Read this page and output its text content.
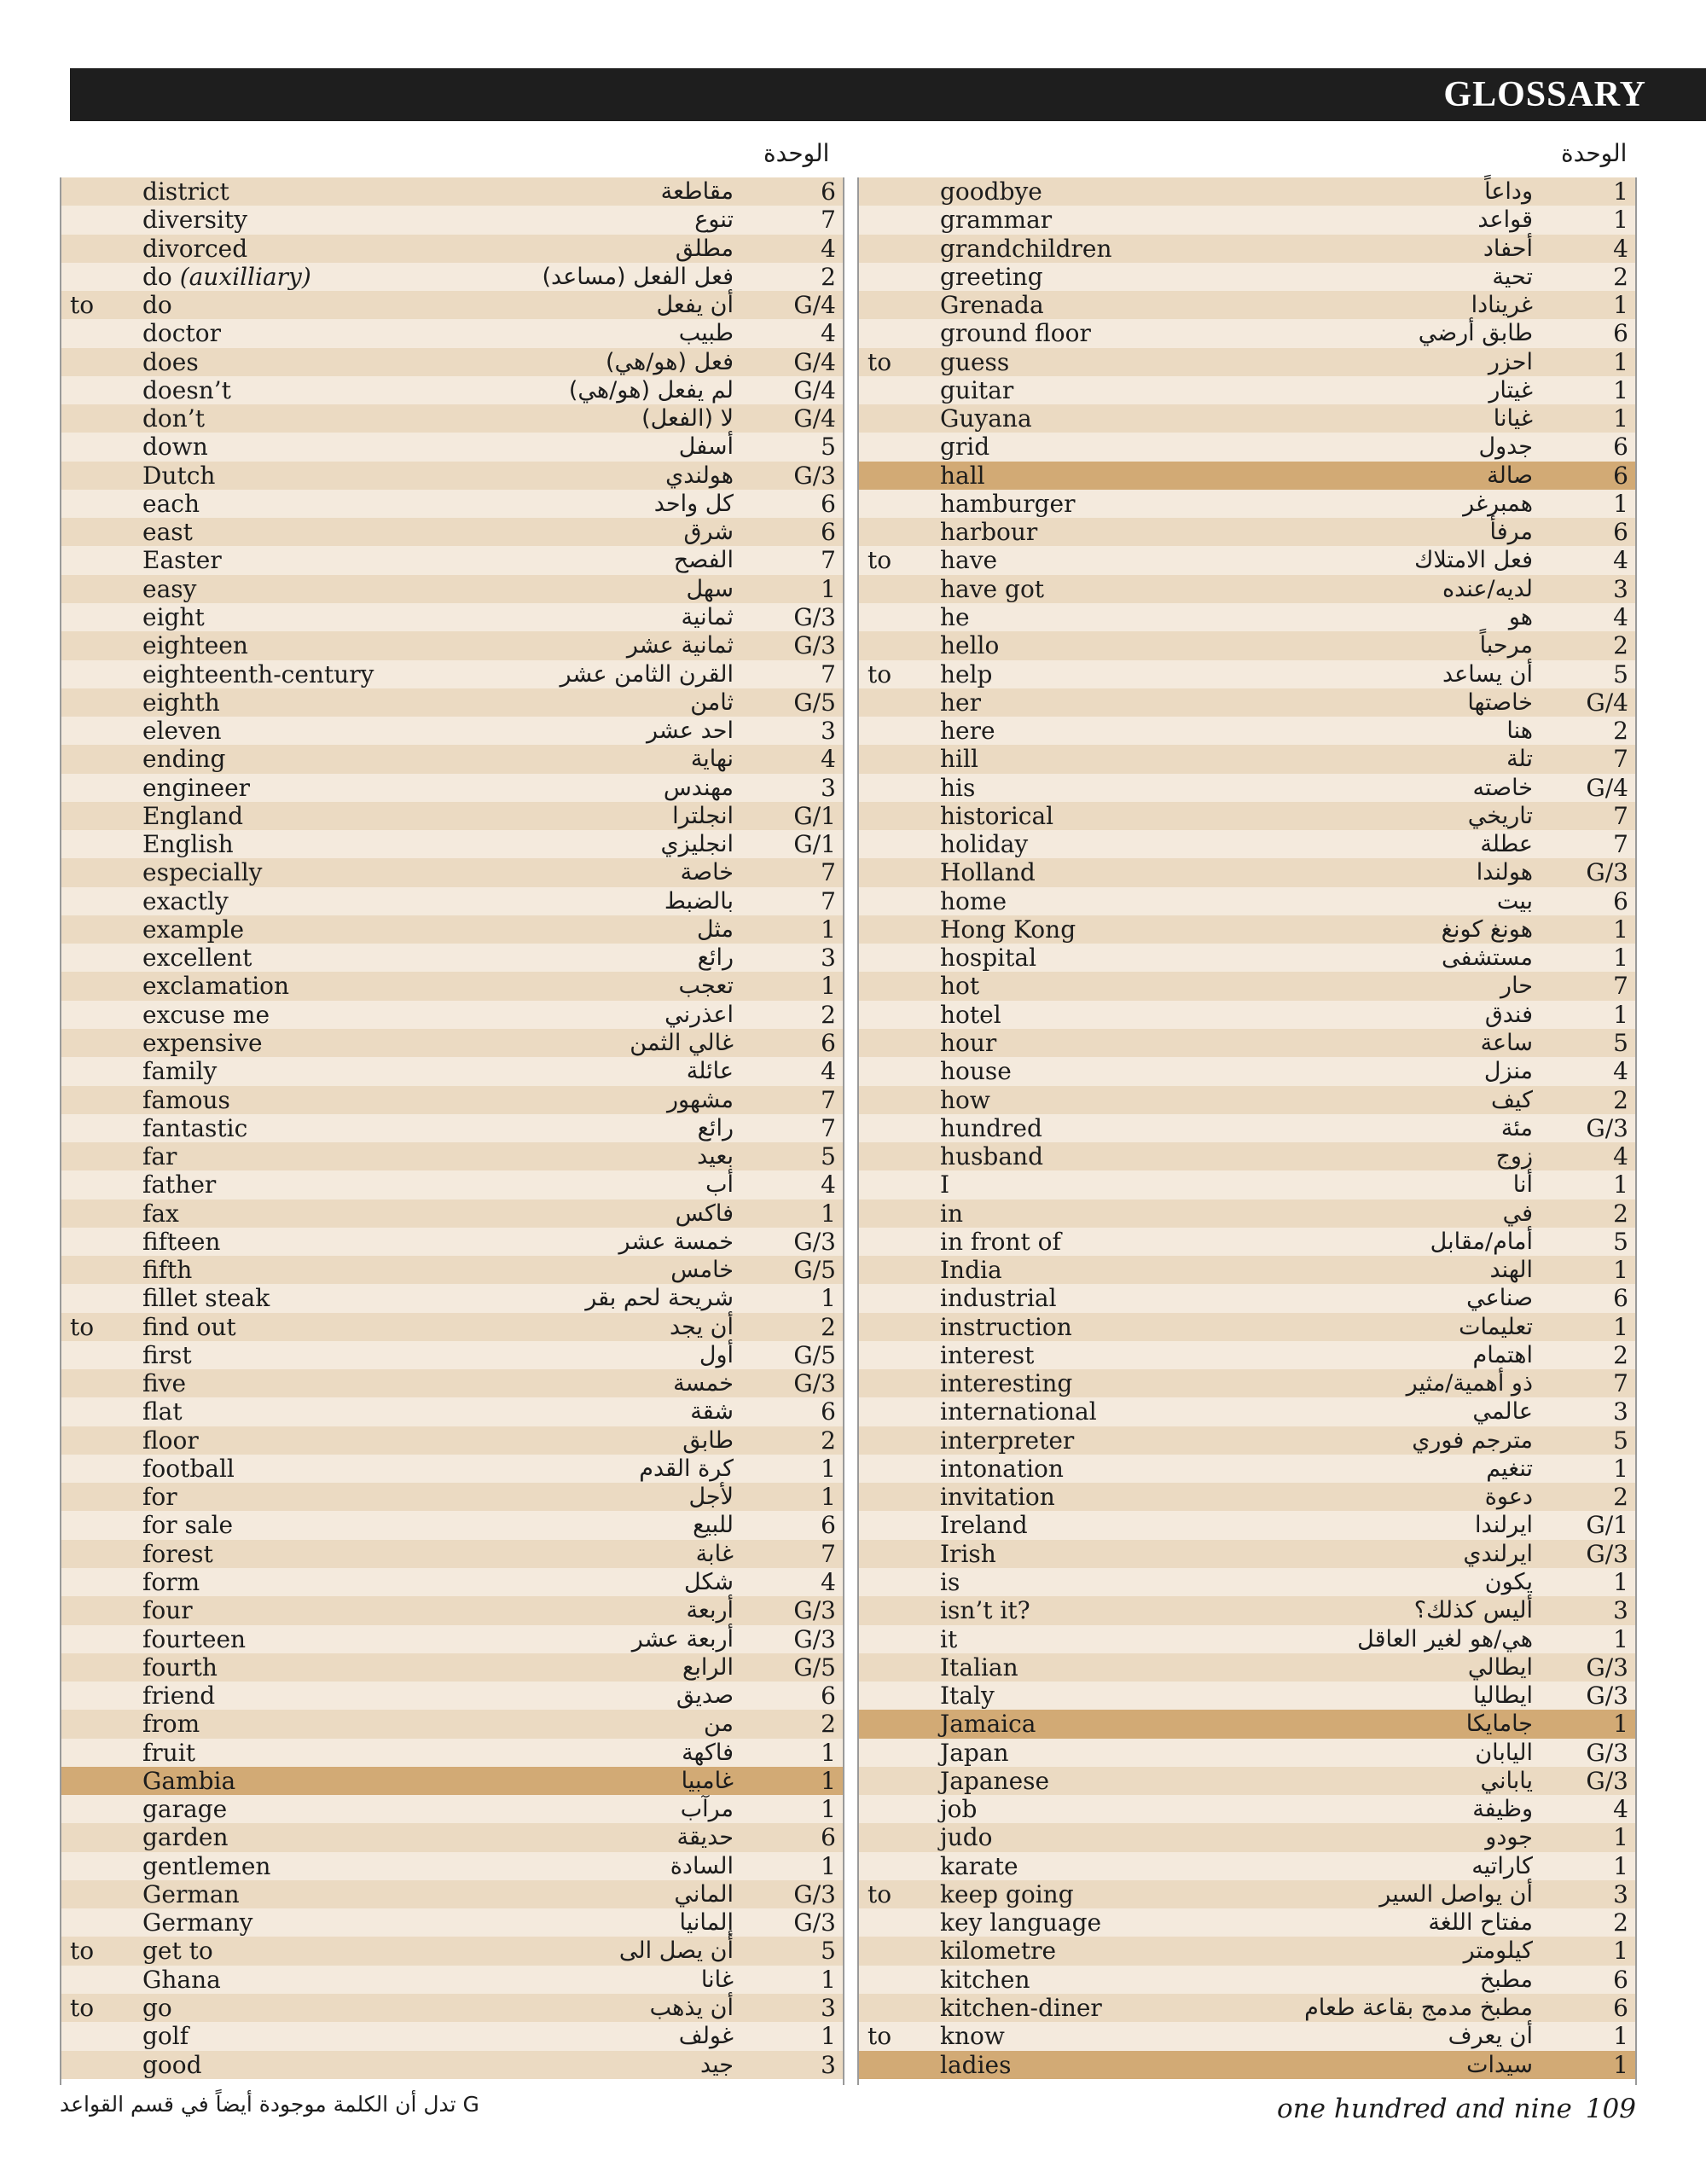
GLOSSARY
الوحدة	الوحدة
district	مقاطعة	6
diversity	تنوع	7
divorced	مطلق	4
do (auxilliary)	فعل الفعل (مساعد)	2
to do	أن يفعل	G/4
doctor	طبيب	4
does	فعل (هو/هي)	G/4
doesn’t	لم يفعل (هو/هي)	G/4
don’t	لا (الفعل)	G/4
down	أسفل	5
Dutch	هولندي	G/3
each	كل واحد	6
east	شرق	6
Easter	الفصح	7
easy	سهل	1
eight	ثمانية	G/3
eighteen	ثمانية عشر	G/3
eighteenth-century	القرن الثامن عشر	7
eighth	ثامن	G/5
eleven	احد عشر	3
ending	نهاية	4
engineer	مهندس	3
England	انجلترا	G/1
English	انجليزي	G/1
especially	خاصة	7
exactly	بالضبط	7
example	مثل	1
excellent	رائع	3
exclamation	تعجب	1
excuse me	اعذرني	2
expensive	غالي الثمن	6
family	عائلة	4
famous	مشهور	7
fantastic	رائع	7
far	بعيد	5
father	أب	4
fax	فاكس	1
fifteen	خمسة عشر	G/3
fifth	خامس	G/5
fillet steak	شريحة لحم بقر	1
to find out	أن يجد	2
first	أول	G/5
five	خمسة	G/3
flat	شقة	6
floor	طابق	2
football	كرة القدم	1
for	لأجل	1
for sale	للبيع	6
forest	غابة	7
form	شكل	4
four	أربعة	G/3
fourteen	أربعة عشر	G/3
fourth	الرابع	G/5
friend	صديق	6
from	من	2
fruit	فاكهة	1
Gambia	غامبيا	1
garage	مرآب	1
garden	حديقة	6
gentlemen	السادة	1
German	الماني	G/3
Germany	إلمانيا	G/3
to get to	أن يصل الى	5
Ghana	غانا	1
to go	أن يذهب	3
golf	غولف	1
good	جيد	3
goodbye	وداعاً	1
grammar	قواعد	1
grandchildren	أحفاد	4
greeting	تحية	2
Grenada	غرينادا	1
ground floor	طابق أرضي	6
to guess	احزر	1
guitar	غيتار	1
Guyana	غيانا	1
grid	جدول	6
hall	صالة	6
hamburger	همبرغر	1
harbour	مرفأ	6
to have	فعل الامتلاك	4
have got	لديه/عنده	3
he	هو	4
hello	مرحباً	2
to help	أن يساعد	5
her	خاصتها G/4
here	هنا	2
hill	تلة	7
his	خاصته G/4
historical	تاريخي	7
holiday	عطلة	7
Holland	هولندا G/3
home	بيت	6
Hong Kong	هونغ كونغ	1
hospital	مستشفى	1
hot	حار	7
hotel	فندق	1
hour	ساعة	5
house	منزل	4
how	كيف	2
hundred	مئة G/3
husband	زوج	4
I	أنا	1
in	في	2
in front of	أمام/مقابل	5
India	الهند	1
industrial	صناعي	6
instruction	تعليمات	1
interest	اهتمام	2
interesting	ذو أهمية/مثير	7
international	عالمي	3
interpreter	مترجم فوري	5
intonation	تنغيم	1
invitation	دعوة	2
Ireland	ايرلندا G/1
Irish	ايرلندي G/3
is	يكون	1
isn’t it?	أليس كذلك؟	3
it	هي/هو لغير العاقل	1
Italian	ايطالي G/3
Italy	ايطاليا G/3
Jamaica	جامايكا	1
Japan	اليابان G/3
Japanese	ياباني G/3
job	وظيفة	4
judo	جودو	1
karate	كاراتيه	1
to keep going	أن يواصل السير	3
key language	مفتاح اللغة	2
kilometre	كيلومتر	1
kitchen	مطبخ	6
kitchen-diner	مطبخ مدمج بقاعة طعام	6
to know	أن يعرف	1
ladies	سيدات	1
G تدل أن الكلمة موجودة أيضاً في قسم القواعد	one hundred and nine 109
